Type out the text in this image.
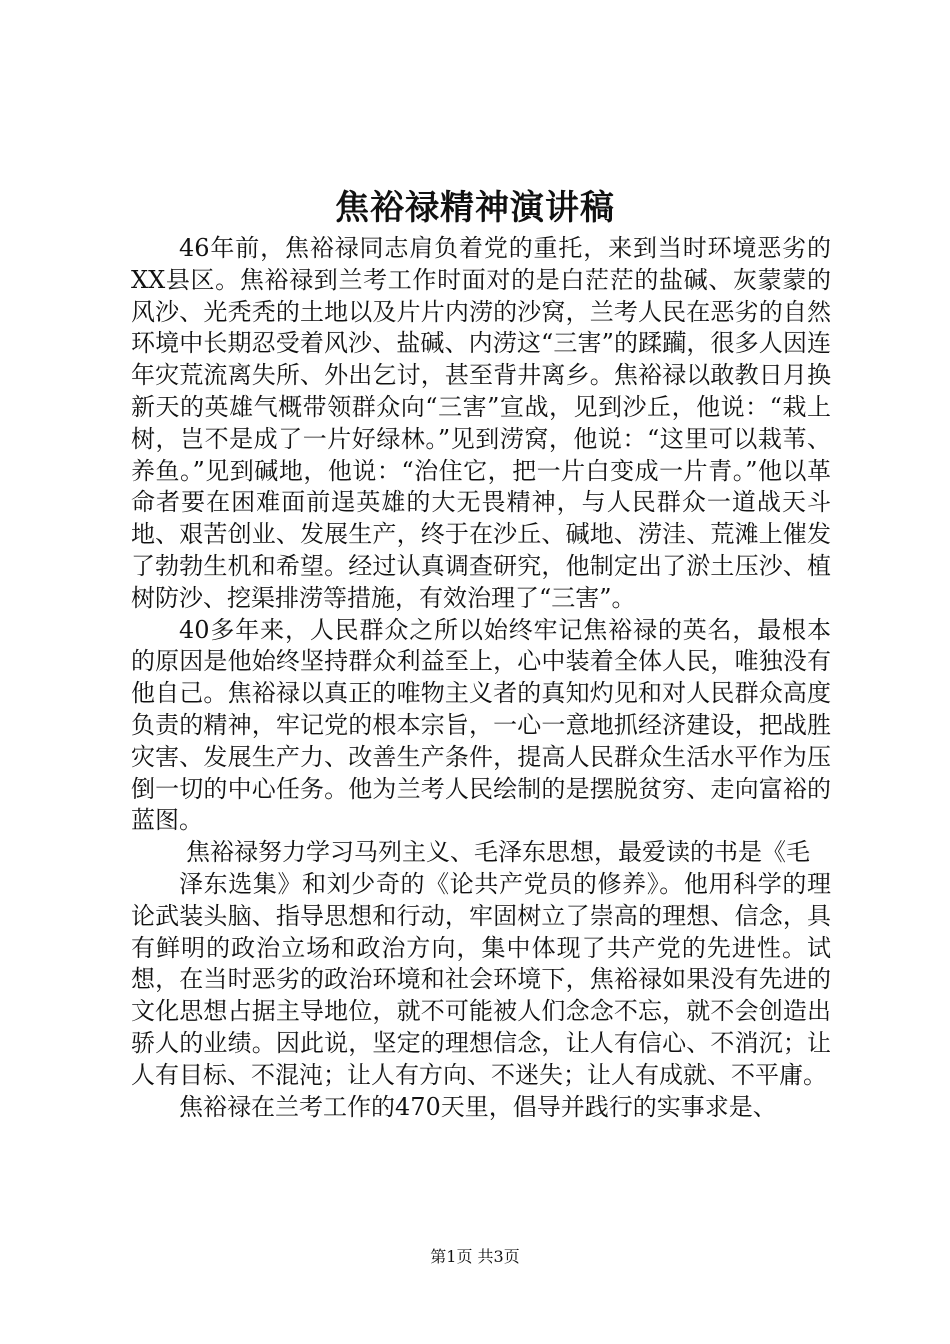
焦裕禄精神演讲稿

46年前，焦裕禄同志肩负着党的重托，来到当时环境恶劣的XX县区。焦裕禄到兰考工作时面对的是白茫茫的盐碱、灰蒙蒙的风沙、光秃秃的土地以及片片内涝的沙窝，兰考人民在恶劣的自然环境中长期忍受着风沙、盐碱、内涝这“三害”的蹂躏，很多人因连年灾荒流离失所、外出乞讨，甚至背井离乡。焦裕禄以敢教日月换新天的英雄气概带领群众向“三害”宣战，见到沙丘，他说：“栽上树，岂不是成了一片好绿林。”见到涝窝，他说：“这里可以栽苇、养鱼。”见到碱地，他说：“治住它，把一片白变成一片青。”他以革命者要在困难面前逞英雄的大无畏精神，与人民群众一道战天斗地、艰苦创业、发展生产，终于在沙丘、碱地、涝洼、荒滩上催发了勃勃生机和希望。经过认真调查研究，他制定出了淤土压沙、植树防沙、挖渠排涝等措施，有效治理了“三害”。

40多年来，人民群众之所以始终牢记焦裕禄的英名，最根本的原因是他始终坚持群众利益至上，心中装着全体人民，唯独没有他自己。焦裕禄以真正的唯物主义者的真知灼见和对人民群众高度负责的精神，牢记党的根本宗旨，一心一意地抓经济建设，把战胜灾害、发展生产力、改善生产条件，提高人民群众生活水平作为压倒一切的中心任务。他为兰考人民绘制的是摆脱贫穷、走向富裕的蓝图。

焦裕禄努力学习马列主义、毛泽东思想，最爱读的书是《毛

泽东选集》和刘少奇的《论共产党员的修养》。他用科学的理论武装头脑、指导思想和行动，牢固树立了崇高的理想、信念，具有鲜明的政治立场和政治方向，集中体现了共产党的先进性。试想，在当时恶劣的政治环境和社会环境下，焦裕禄如果没有先进的文化思想占据主导地位，就不可能被人们念念不忘，就不会创造出骄人的业绩。因此说，坚定的理想信念，让人有信心、不消沉；让人有目标、不混沌；让人有方向、不迷失；让人有成就、不平庸。

焦裕禄在兰考工作的470天里，倡导并践行的实事求是、

第1页 共3页
